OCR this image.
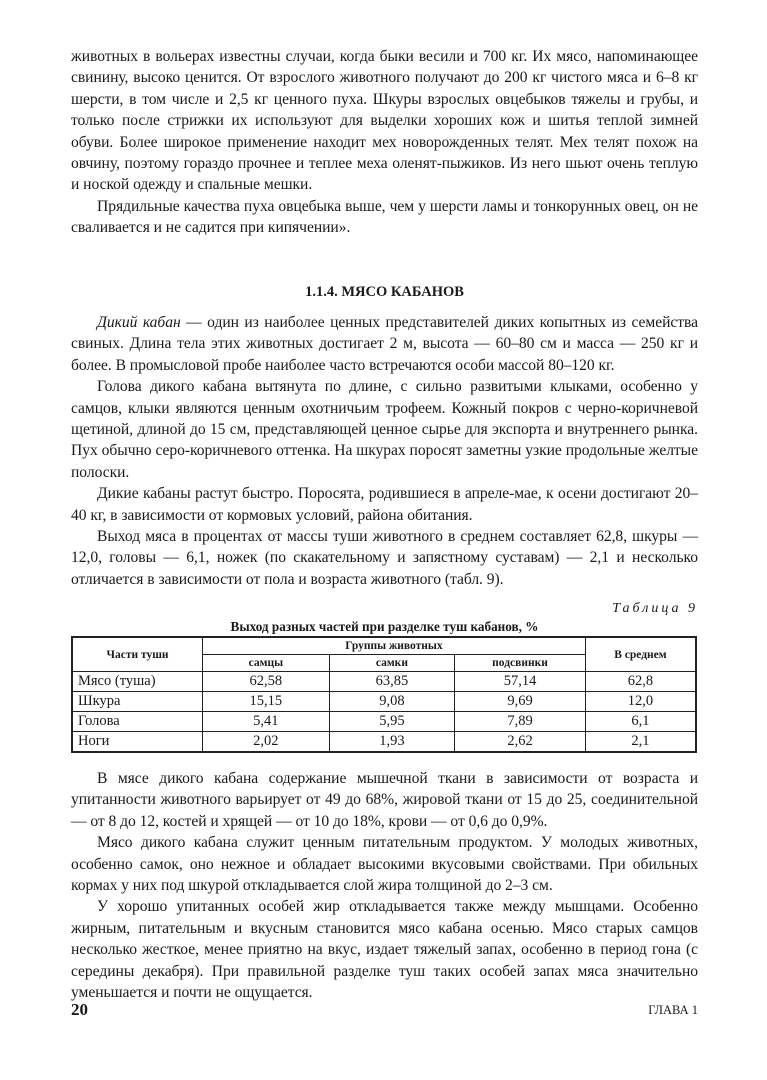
животных в вольерах известны случаи, когда быки весили и 700 кг. Их мясо, напоминающее свинину, высоко ценится. От взрослого животного получают до 200 кг чистого мяса и 6–8 кг шерсти, в том числе и 2,5 кг ценного пуха. Шкуры взрослых овцебыков тяжелы и грубы, и только после стрижки их используют для выделки хороших кож и шитья теплой зимней обуви. Более широкое применение находит мех новорожденных телят. Мех телят похож на овчину, поэтому гораздо прочнее и теплее меха оленят-пыжиков. Из него шьют очень теплую и ноской одежду и спальные мешки.

Прядильные качества пуха овцебыка выше, чем у шерсти ламы и тонкорунных овец, он не сваливается и не садится при кипячении».

1.1.4. МЯСО КАБАНОВ

Дикий кабан — один из наиболее ценных представителей диких копытных из семейства свиных. Длина тела этих животных достигает 2 м, высота — 60–80 см и масса — 250 кг и более. В промысловой пробе наиболее часто встречаются особи массой 80–120 кг.

Голова дикого кабана вытянута по длине, с сильно развитыми клыками, особенно у самцов, клыки являются ценным охотничьим трофеем. Кожный покров с черно-коричневой щетиной, длиной до 15 см, представляющей ценное сырье для экспорта и внутреннего рынка. Пух обычно серо-коричневого оттенка. На шкурах поросят заметны узкие продольные желтые полоски.

Дикие кабаны растут быстро. Поросята, родившиеся в апреле-мае, к осени достигают 20–40 кг, в зависимости от кормовых условий, района обитания.

Выход мяса в процентах от массы туши животного в среднем составляет 62,8, шкуры — 12,0, головы — 6,1, ножек (по скакательному и запястному суставам) — 2,1 и несколько отличается в зависимости от пола и возраста животного (табл. 9).

Таблица 9
Выход разных частей при разделке туш кабанов, %
Части туши	Группы животных			В среднем
	самцы	самки	подсвинки	
Мясо (туша)	62,58	63,85	57,14	62,8
Шкура	15,15	9,08	9,69	12,0
Голова	5,41	5,95	7,89	6,1
Ноги	2,02	1,93	2,62	2,1

В мясе дикого кабана содержание мышечной ткани в зависимости от возраста и упитанности животного варьирует от 49 до 68%, жировой ткани от 15 до 25, соединительной — от 8 до 12, костей и хрящей — от 10 до 18%, крови — от 0,6 до 0,9%.

Мясо дикого кабана служит ценным питательным продуктом. У молодых животных, особенно самок, оно нежное и обладает высокими вкусовыми свойствами. При обильных кормах у них под шкурой откладывается слой жира толщиной до 2–3 см.

У хорошо упитанных особей жир откладывается также между мышцами. Особенно жирным, питательным и вкусным становится мясо кабана осенью. Мясо старых самцов несколько жесткое, менее приятно на вкус, издает тяжелый запах, особенно в период гона (с середины декабря). При правильной разделке туш таких особей запах мяса значительно уменьшается и почти не ощущается.

20	ГЛАВА 1
